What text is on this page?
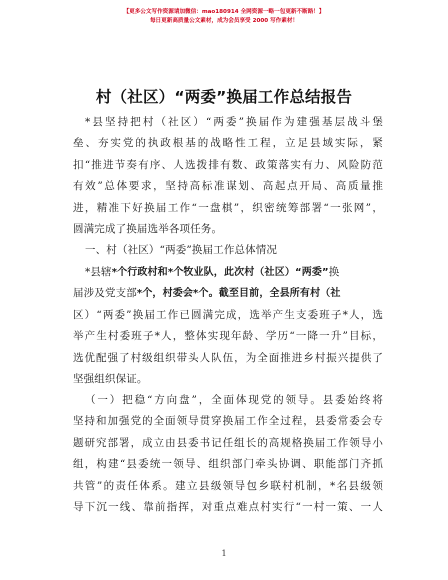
【更多公文写作资源请加微信：mao180914 全网资源一略一包更新不断路！】
每日更新高质量公文素材，成为会员享受 2000 写作素材！
村（社区）“两委”换届工作总结报告
*县坚持把村（社区）“两委”换届作为建强基层战斗堡
垒、夯实党的执政根基的战略性工程，立足县域实际，紧
扣“推进节奏有序、人选拨排有数、政策落实有力、风险防范
有效”总体要求，坚持高标准谋划、高起点开局、高质量推
进，精准下好换届工作“一盘棋”，织密统筹部署“一张网”，
圆满完成了换届选举各项任务。
一、村（社区）“两委”换届工作总体情况
*县辖*个行政村和*个牧业队，此次村（社区）“两委”换
届涉及党支部*个，村委会*个。截至目前，全县所有村（社
区）“两委”换届工作已圆满完成，选举产生支委班子*人，选
举产生村委班子*人，整体实现年龄、学历“一降一升”目标，
选优配强了村级组织带头人队伍，为全面推进乡村振兴提供了
坚强组织保证。
（一）把稳“方向盘”，全面体现党的领导。县委始终将
坚持和加强党的全面领导贯穿换届工作全过程，县委常委会专
题研究部署，成立由县委书记任组长的高规格换届工作领导小
组，构建“县委统一领导、组织部门牵头协调、职能部门齐抓
共管”的责任体系。建立县级领导包乡联村机制，*名县级领
导下沉一线、靠前指挥，对重点难点村实行“一村一策、一人
1
